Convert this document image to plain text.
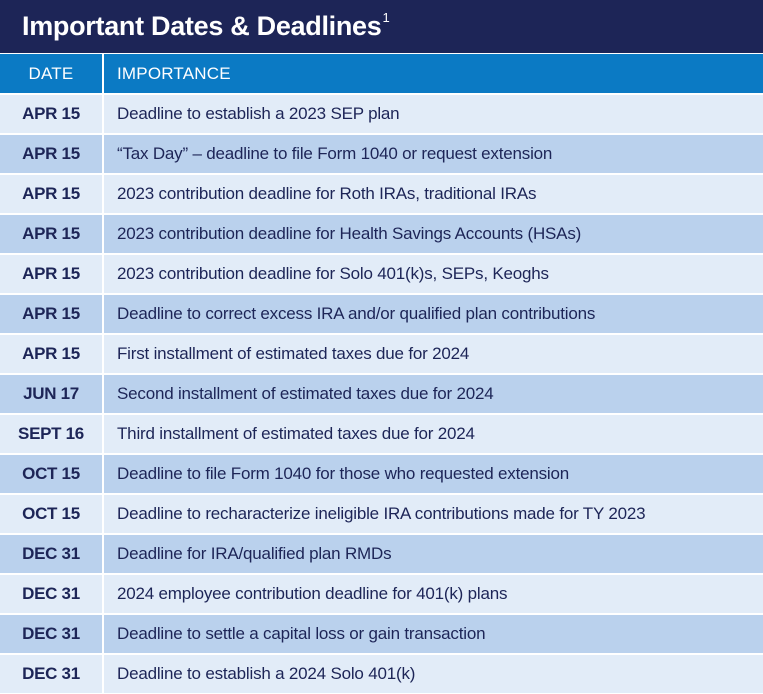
Important Dates & Deadlines$^1$
DATE	IMPORTANCE
APR 15	Deadline to establish a 2023 SEP plan
APR 15	“Tax Day” – deadline to file Form 1040 or request extension
APR 15	2023 contribution deadline for Roth IRAs, traditional IRAs
APR 15	2023 contribution deadline for Health Savings Accounts (HSAs)
APR 15	2023 contribution deadline for Solo 401(k)s, SEPs, Keoghs
APR 15	Deadline to correct excess IRA and/or qualified plan contributions
APR 15	First installment of estimated taxes due for 2024
JUN 17	Second installment of estimated taxes due for 2024
SEPT 16	Third installment of estimated taxes due for 2024
OCT 15	Deadline to file Form 1040 for those who requested extension
OCT 15	Deadline to recharacterize ineligible IRA contributions made for TY 2023
DEC 31	Deadline for IRA/qualified plan RMDs
DEC 31	2024 employee contribution deadline for 401(k) plans
DEC 31	Deadline to settle a capital loss or gain transaction
DEC 31	Deadline to establish a 2024 Solo 401(k)
